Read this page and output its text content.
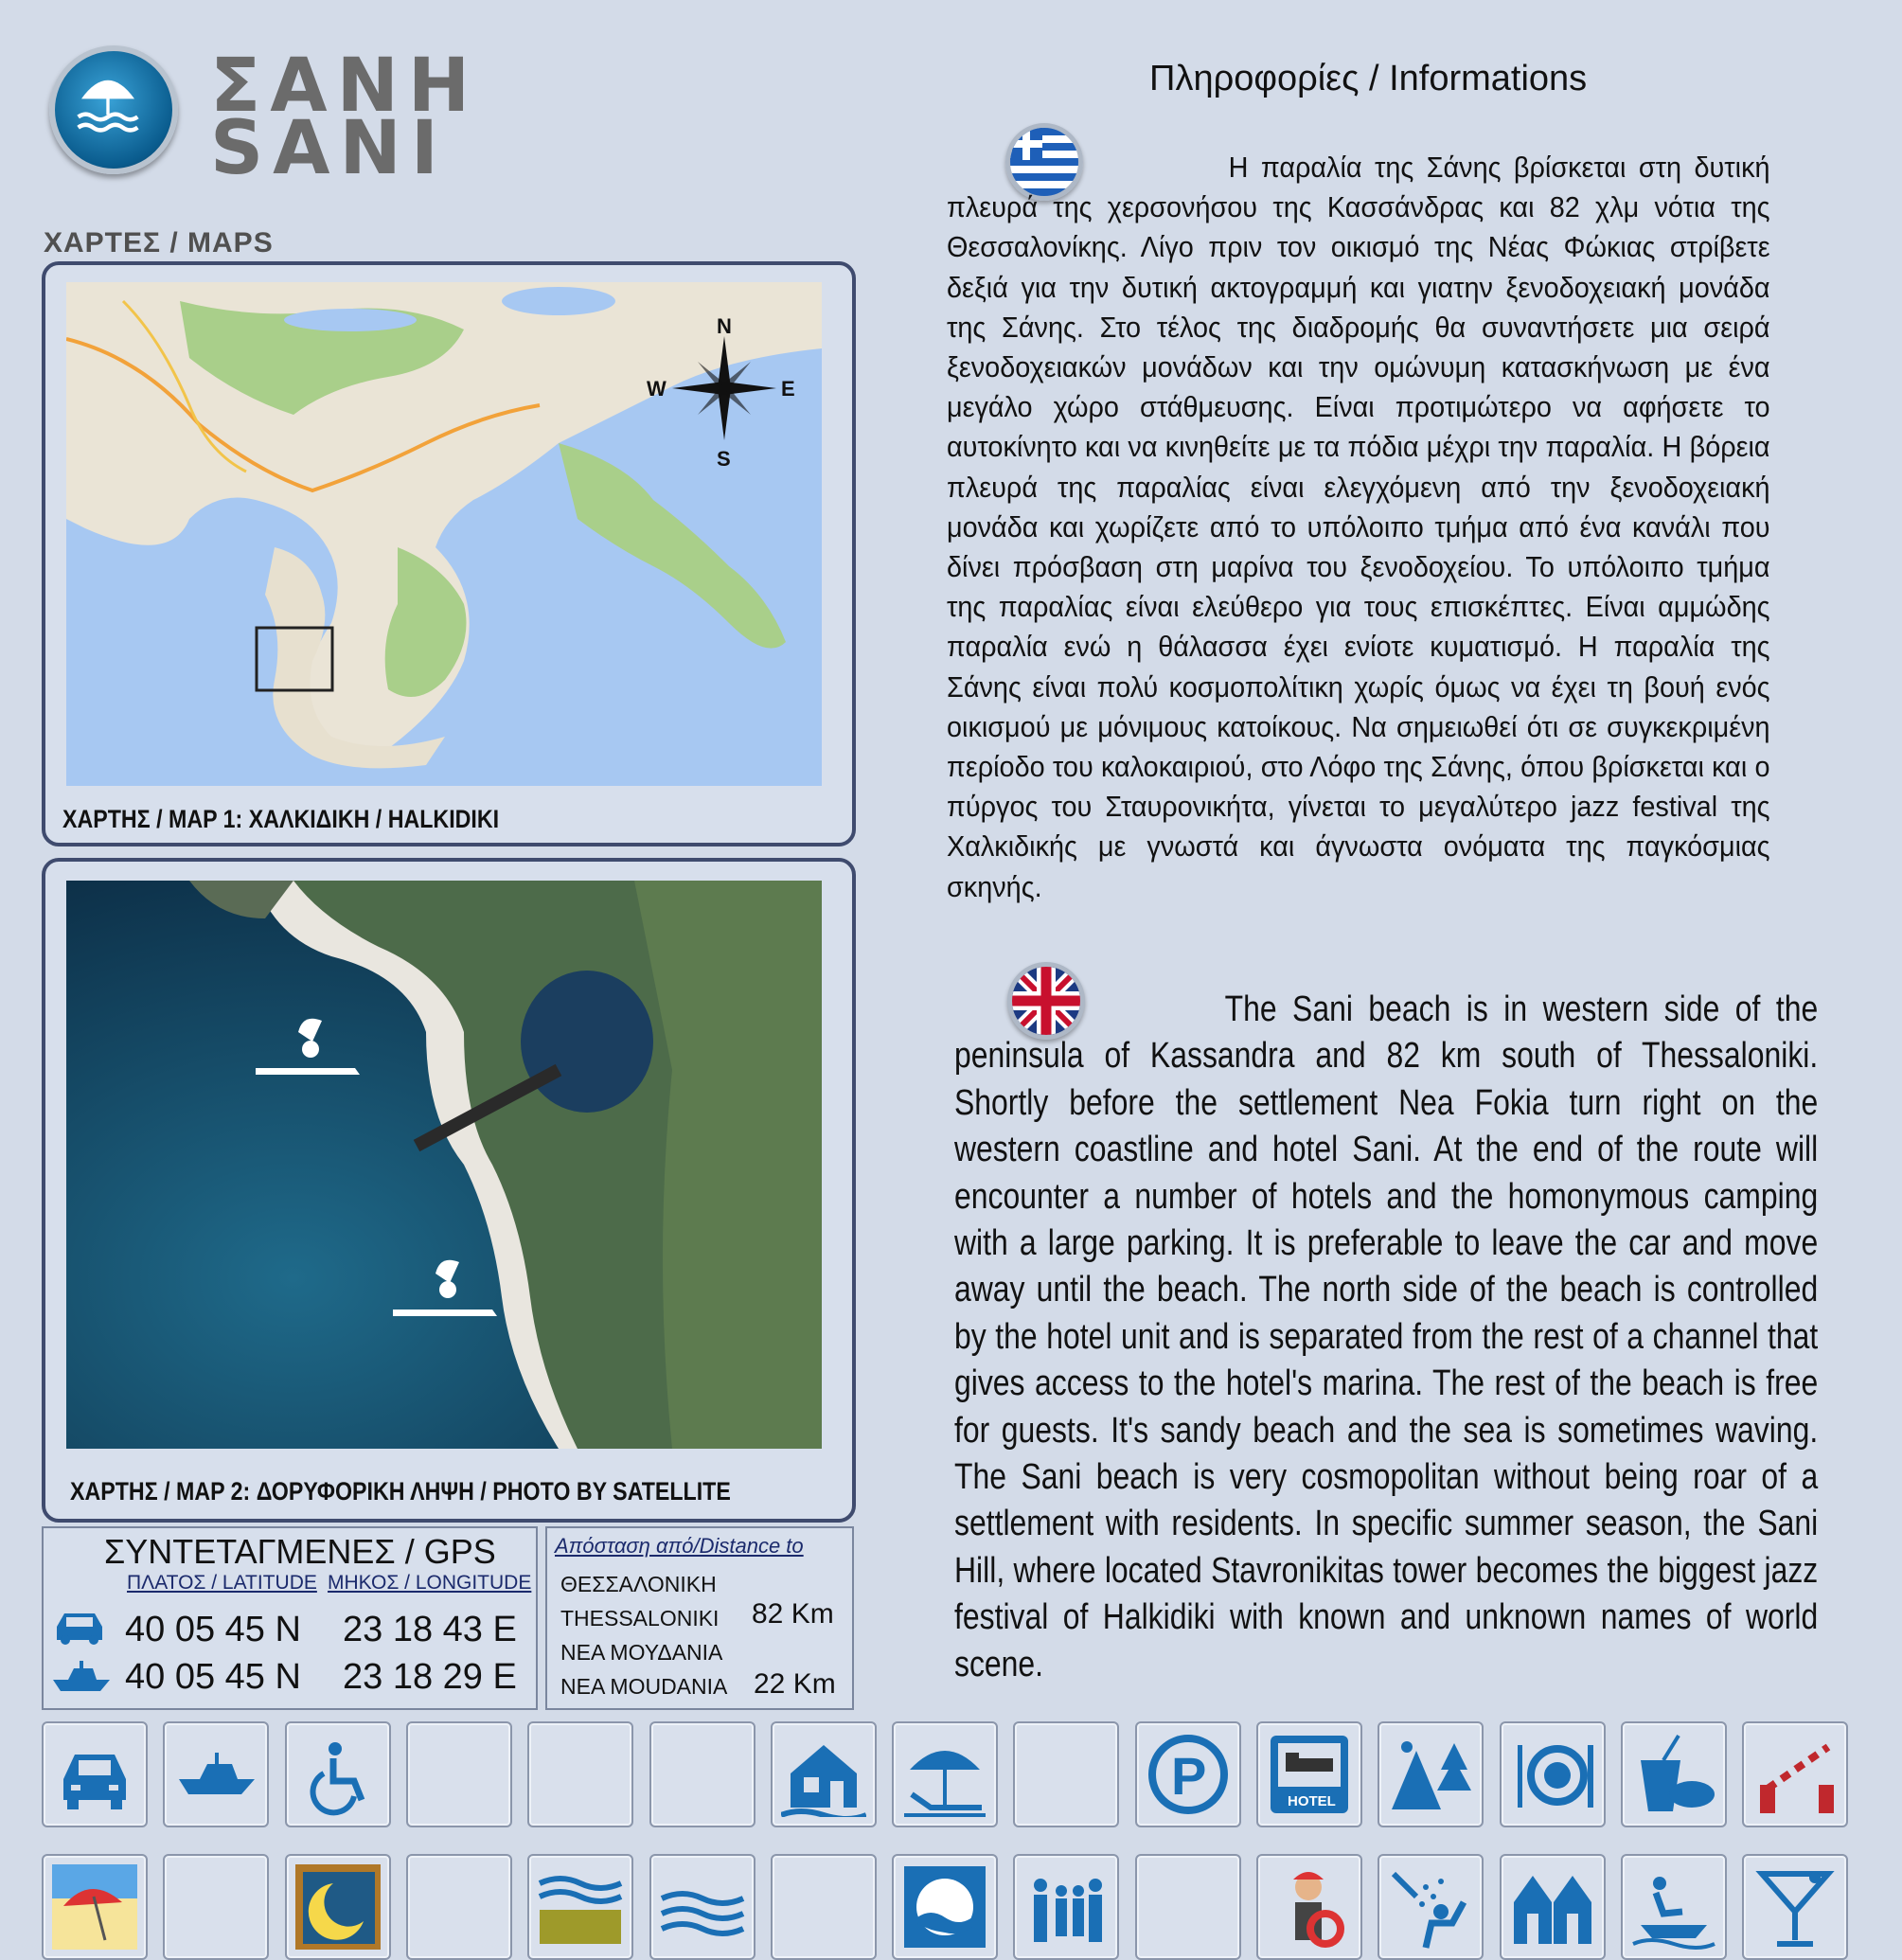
ΣΑΝΗ
SANI
ΧΑΡΤΕΣ / MAPS
Πληροφορίες / Informations
N
S
E
W
ΧΑΡΤΗΣ / MAP 1: ΧΑΛΚΙΔΙΚΗ / HALKIDIKI
ΧΑΡΤΗΣ / MAP 2: ΔΟΡΥΦΟΡΙΚΗ ΛΗΨΗ / PHOTO BY SATELLITE
ΣΥΝΤΕΤΑΓΜΕΝΕΣ / GPS
ΠΛΑΤΟΣ / LATITUDE ΜΗΚΟΣ / LONGITUDE
40 05 45 N 23 18 43 E
40 05 45 N 23 18 29 E
Απόσταση από/Distance to
ΘΕΣΣΑΛΟΝΙΚΗ
THESSALONIKI 82 Km
ΝΕΑ ΜΟΥΔΑΝΙΑ
NEA MOUDANIA 22 Km
Η παραλία της Σάνης βρίσκεται στη δυτική πλευρά της χερσονήσου της Κασσάνδρας και 82 χλμ νότια της Θεσσαλονίκης. Λίγο πριν τον οικισμό της Νέας Φώκιας στρίβετε δεξιά για την δυτική ακτογραμμή και γιατην ξενοδοχειακή μονάδα της Σάνης. Στο τέλος της διαδρομής θα συναντήσετε μια σειρά ξενοδοχειακών μονάδων και την ομώνυμη κατασκήνωση με ένα μεγάλο χώρο στάθμευσης. Είναι προτιμώτερο να αφήσετε το αυτοκίνητο και να κινηθείτε με τα πόδια μέχρι την παραλία. Η βόρεια πλευρά της παραλίας είναι ελεγχόμενη από την ξενοδοχειακή μονάδα και χωρίζετε από το υπόλοιπο τμήμα από ένα κανάλι που δίνει πρόσβαση στη μαρίνα του ξενοδοχείου. Το υπόλοιπο τμήμα της παραλίας είναι ελεύθερο για τους επισκέπτες. Είναι αμμώδης παραλία ενώ η θάλασσα έχει ενίοτε κυματισμό. Η παραλία της Σάνης είναι πολύ κοσμοπολίτικη χωρίς όμως να έχει τη βουή ενός οικισμού με μόνιμους κατοίκους. Να σημειωθεί ότι σε συγκεκριμένη περίοδο του καλοκαιριού, στο Λόφο της Σάνης, όπου βρίσκεται και ο πύργος του Σταυρονικήτα, γίνεται το μεγαλύτερο jazz festival της Χαλκιδικής με γνωστά και άγνωστα ονόματα της παγκόσμιας σκηνής.
The Sani beach is in western side of the peninsula of Kassandra and 82 km south of Thessaloniki. Shortly before the settlement Nea Fokia turn right on the western coastline and hotel Sani. At the end of the route will encounter a number of hotels and the homonymous camping with a large parking. It is preferable to leave the car and move away until the beach. The north side of the beach is controlled by the hotel unit and is separated from the rest of a channel that gives access to the hotel's marina. The rest of the beach is free for guests. It's sandy beach and the sea is sometimes waving. The Sani beach is very cosmopolitan without being roar of a settlement with residents. In specific summer season, the Sani Hill, where located Stavronikitas tower becomes the biggest jazz festival of Halkidiki with known and unknown names of world scene.
P	HOTEL
